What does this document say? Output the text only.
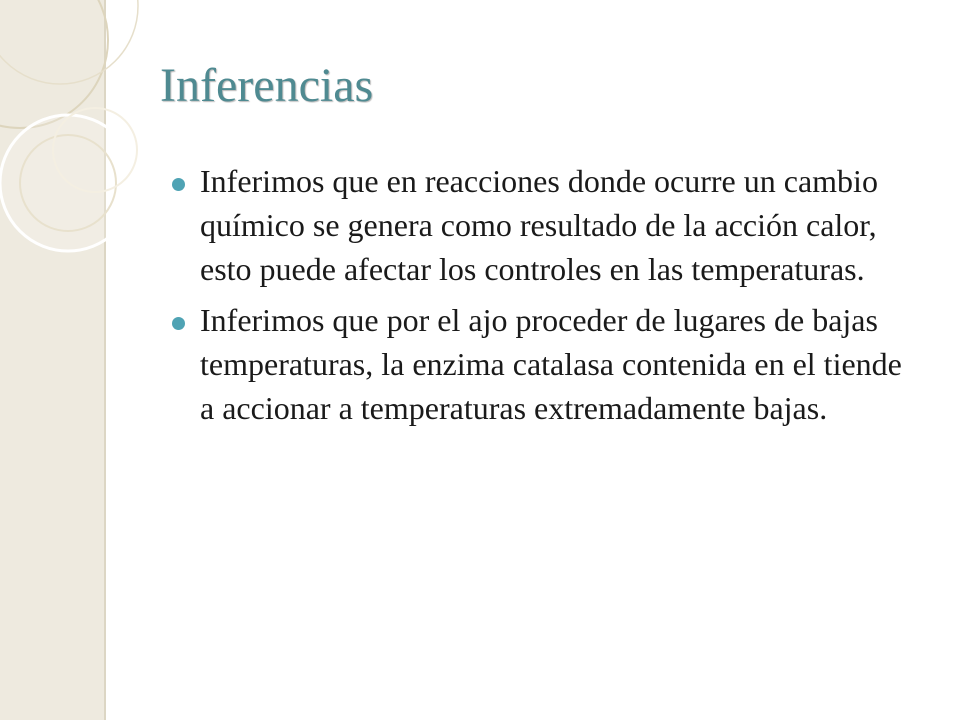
Inferencias
Inferimos que en reacciones donde ocurre un cambio químico se genera como resultado de la acción calor, esto puede afectar los controles en las temperaturas.
Inferimos que por el ajo proceder de lugares de bajas temperaturas, la enzima catalasa contenida en el tiende a accionar a temperaturas extremadamente bajas.
